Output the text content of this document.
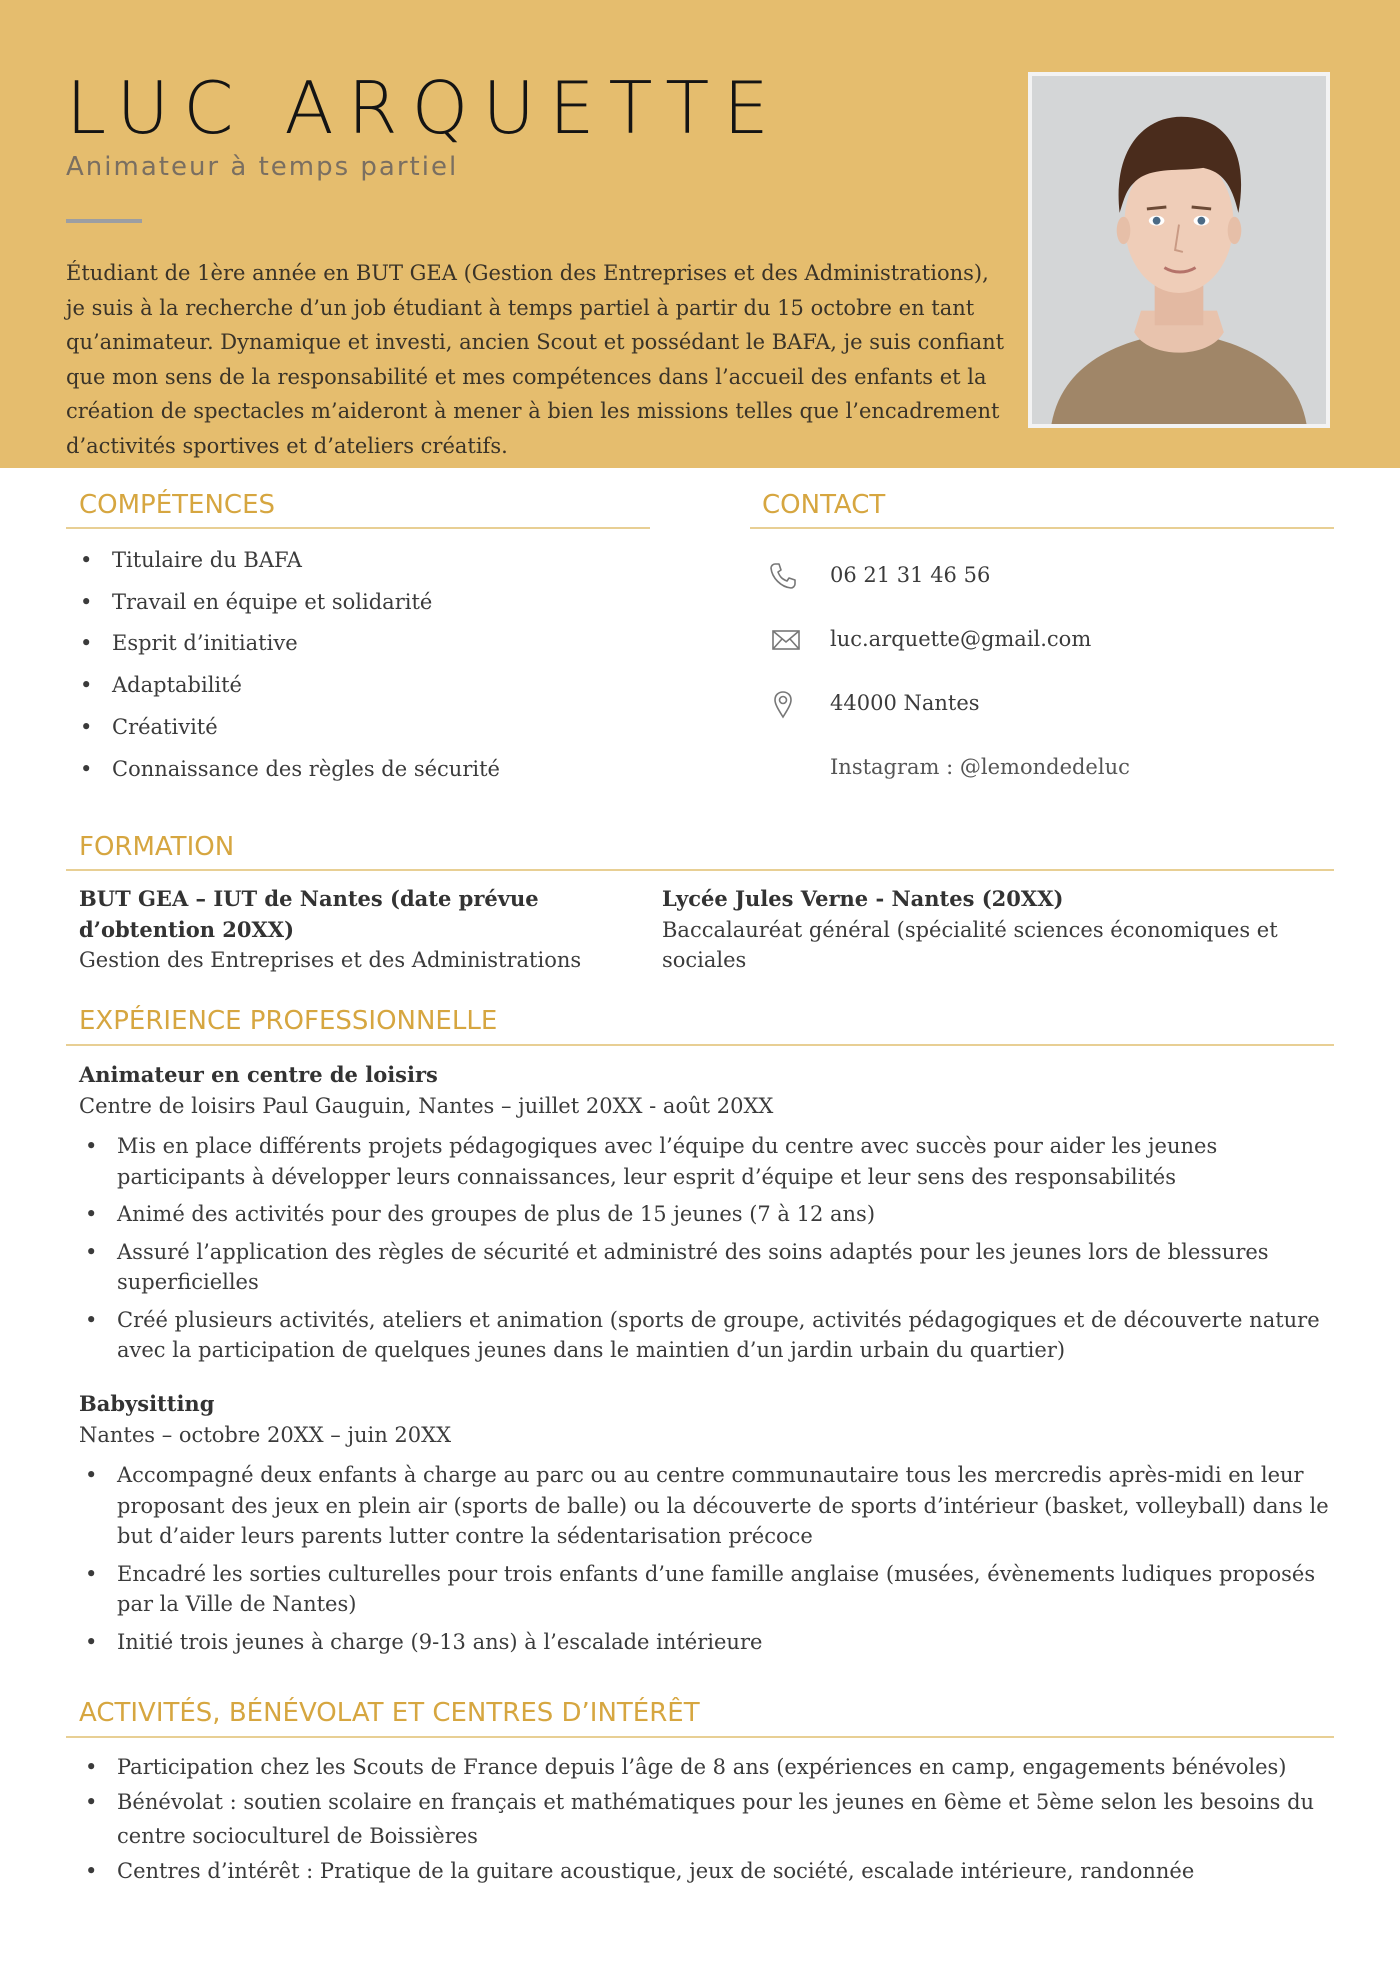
LUC ARQUETTE
Animateur à temps partiel

Étudiant de 1ère année en BUT GEA (Gestion des Entreprises et des Administrations), je suis à la recherche d’un job étudiant à temps partiel à partir du 15 octobre en tant qu’animateur. Dynamique et investi, ancien Scout et possédant le BAFA, je suis confiant que mon sens de la responsabilité et mes compétences dans l’accueil des enfants et la création de spectacles m’aideront à mener à bien les missions telles que l’encadrement d’activités sportives et d’ateliers créatifs.

COMPÉTENCES
• Titulaire du BAFA
• Travail en équipe et solidarité
• Esprit d’initiative
• Adaptabilité
• Créativité
• Connaissance des règles de sécurité
CONTACT
06 21 31 46 56
luc.arquette@gmail.com
44000 Nantes
Instagram : @lemondedeluc
FORMATION
BUT GEA – IUT de Nantes (date prévue d’obtention 20XX)
Gestion des Entreprises et des Administrations
Lycée Jules Verne - Nantes (20XX)
Baccalauréat général (spécialité sciences économiques et sociales
EXPÉRIENCE PROFESSIONNELLE
Animateur en centre de loisirs
Centre de loisirs Paul Gauguin, Nantes – juillet 20XX - août 20XX
• Mis en place différents projets pédagogiques avec l’équipe du centre avec succès pour aider les jeunes participants à développer leurs connaissances, leur esprit d’équipe et leur sens des responsabilités
• Animé des activités pour des groupes de plus de 15 jeunes (7 à 12 ans)
• Assuré l’application des règles de sécurité et administré des soins adaptés pour les jeunes lors de blessures superficielles
• Créé plusieurs activités, ateliers et animation (sports de groupe, activités pédagogiques et de découverte nature avec la participation de quelques jeunes dans le maintien d’un jardin urbain du quartier)
Babysitting
Nantes – octobre 20XX – juin 20XX
• Accompagné deux enfants à charge au parc ou au centre communautaire tous les mercredis après-midi en leur proposant des jeux en plein air (sports de balle) ou la découverte de sports d’intérieur (basket, volleyball) dans le but d’aider leurs parents lutter contre la sédentarisation précoce
• Encadré les sorties culturelles pour trois enfants d’une famille anglaise (musées, évènements ludiques proposés par la Ville de Nantes)
• Initié trois jeunes à charge (9-13 ans) à l’escalade intérieure
ACTIVITÉS, BÉNÉVOLAT ET CENTRES D’INTÉRÊT
• Participation chez les Scouts de France depuis l’âge de 8 ans (expériences en camp, engagements bénévoles)
• Bénévolat : soutien scolaire en français et mathématiques pour les jeunes en 6ème et 5ème selon les besoins du centre socioculturel de Boissières
• Centres d’intérêt : Pratique de la guitare acoustique, jeux de société, escalade intérieure, randonnée
